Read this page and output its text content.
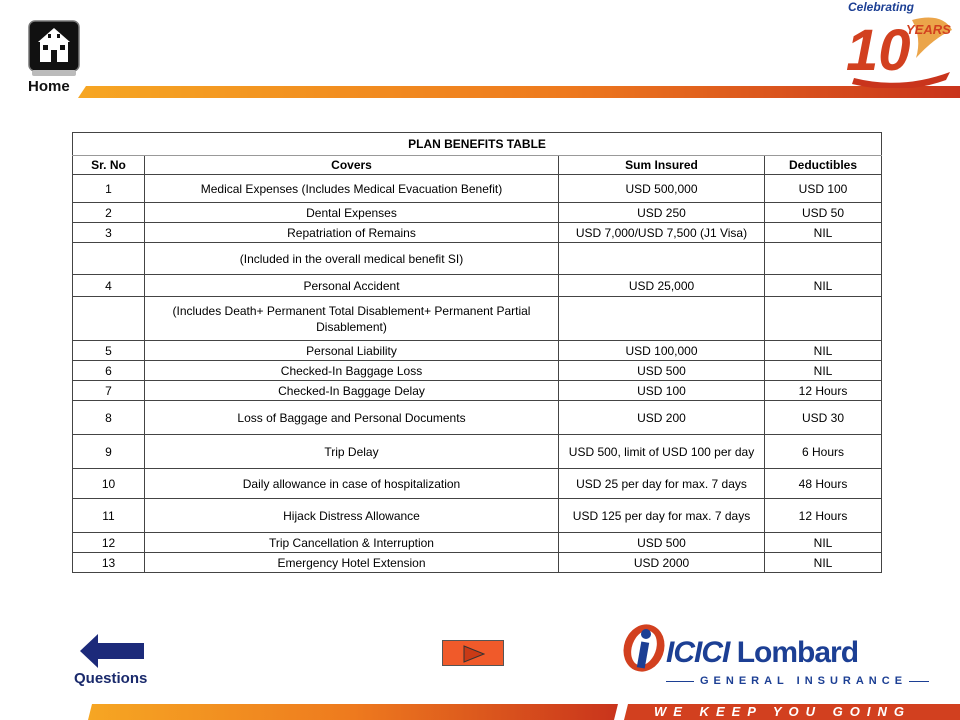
Home
Celebrating
10
YEARS
PLAN BENEFITS TABLE			
Sr. No	Covers	Sum Insured	Deductibles
1	Medical Expenses (Includes Medical Evacuation Benefit)	USD 500,000	USD 100
2	Dental Expenses	USD 250	USD 50
3	Repatriation of Remains	USD 7,000/USD 7,500 (J1 Visa)	NIL
	(Included in the overall medical benefit SI)		
4	Personal Accident	USD 25,000	NIL
	(Includes Death+ Permanent Total Disablement+ Permanent Partial Disablement)		
5	Personal Liability	USD 100,000	NIL
6	Checked-In Baggage Loss	USD 500	NIL
7	Checked-In Baggage Delay	USD 100	12 Hours
8	Loss of Baggage and Personal Documents	USD 200	USD 30
9	Trip Delay	USD 500, limit of USD 100 per day	6 Hours
10	Daily allowance in case of hospitalization	USD 25 per day for max. 7 days	48 Hours
11	Hijack Distress Allowance	USD 125 per day for max. 7 days	12 Hours
12	Trip Cancellation & Interruption	USD 500	NIL
13	Emergency Hotel Extension	USD 2000	NIL
Questions
ICICI Lombard
GENERAL INSURANCE
WE KEEP YOU GOING
